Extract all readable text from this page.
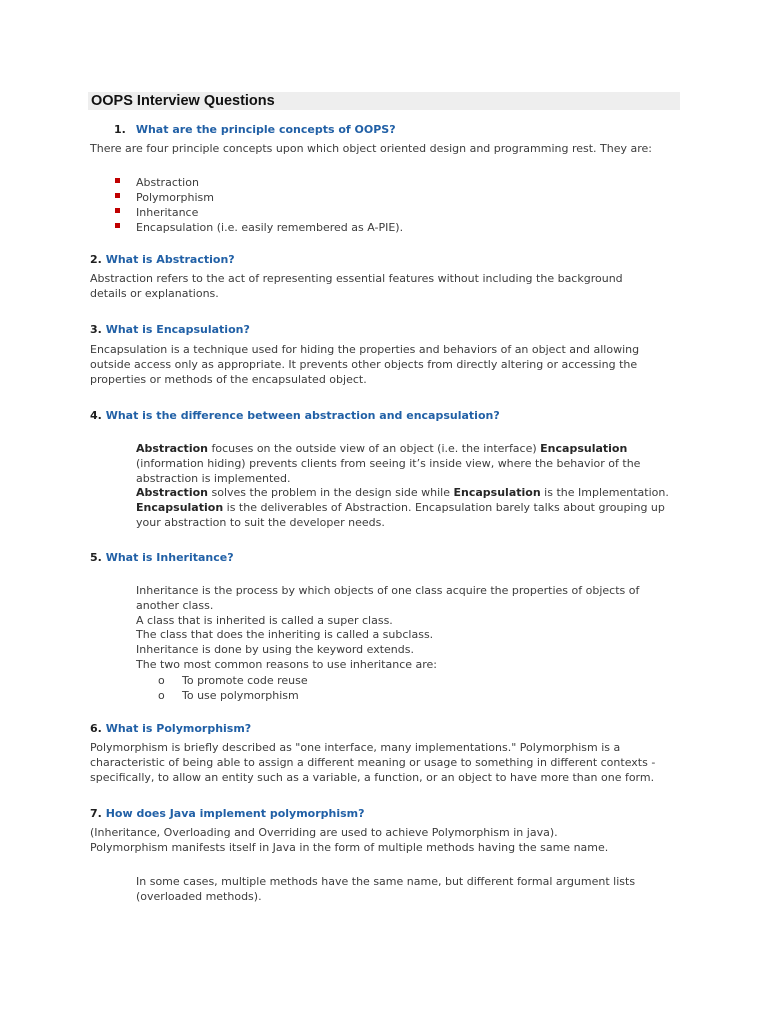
OOPS Interview Questions
1. What are the principle concepts of OOPS?

There are four principle concepts upon which object oriented design and programming rest. They are:

Abstraction
Polymorphism
Inheritance
Encapsulation (i.e. easily remembered as A-PIE).
2. What is Abstraction?
Abstraction refers to the act of representing essential features without including the background
details or explanations.
3. What is Encapsulation?
Encapsulation is a technique used for hiding the properties and behaviors of an object and allowing
outside access only as appropriate. It prevents other objects from directly altering or accessing the
properties or methods of the encapsulated object.
4. What is the difference between abstraction and encapsulation?
Abstraction focuses on the outside view of an object (i.e. the interface) Encapsulation
(information hiding) prevents clients from seeing it’s inside view, where the behavior of the
abstraction is implemented.
Abstraction solves the problem in the design side while Encapsulation is the Implementation.
Encapsulation is the deliverables of Abstraction. Encapsulation barely talks about grouping up
your abstraction to suit the developer needs.
5. What is Inheritance?
Inheritance is the process by which objects of one class acquire the properties of objects of
another class.
A class that is inherited is called a super class.
The class that does the inheriting is called a subclass.
Inheritance is done by using the keyword extends.
The two most common reasons to use inheritance are:
o To promote code reuse
o To use polymorphism
6. What is Polymorphism?
Polymorphism is briefly described as "one interface, many implementations." Polymorphism is a
characteristic of being able to assign a different meaning or usage to something in different contexts -
specifically, to allow an entity such as a variable, a function, or an object to have more than one form.
7. How does Java implement polymorphism?
(Inheritance, Overloading and Overriding are used to achieve Polymorphism in java).
Polymorphism manifests itself in Java in the form of multiple methods having the same name.
In some cases, multiple methods have the same name, but different formal argument lists
(overloaded methods).
